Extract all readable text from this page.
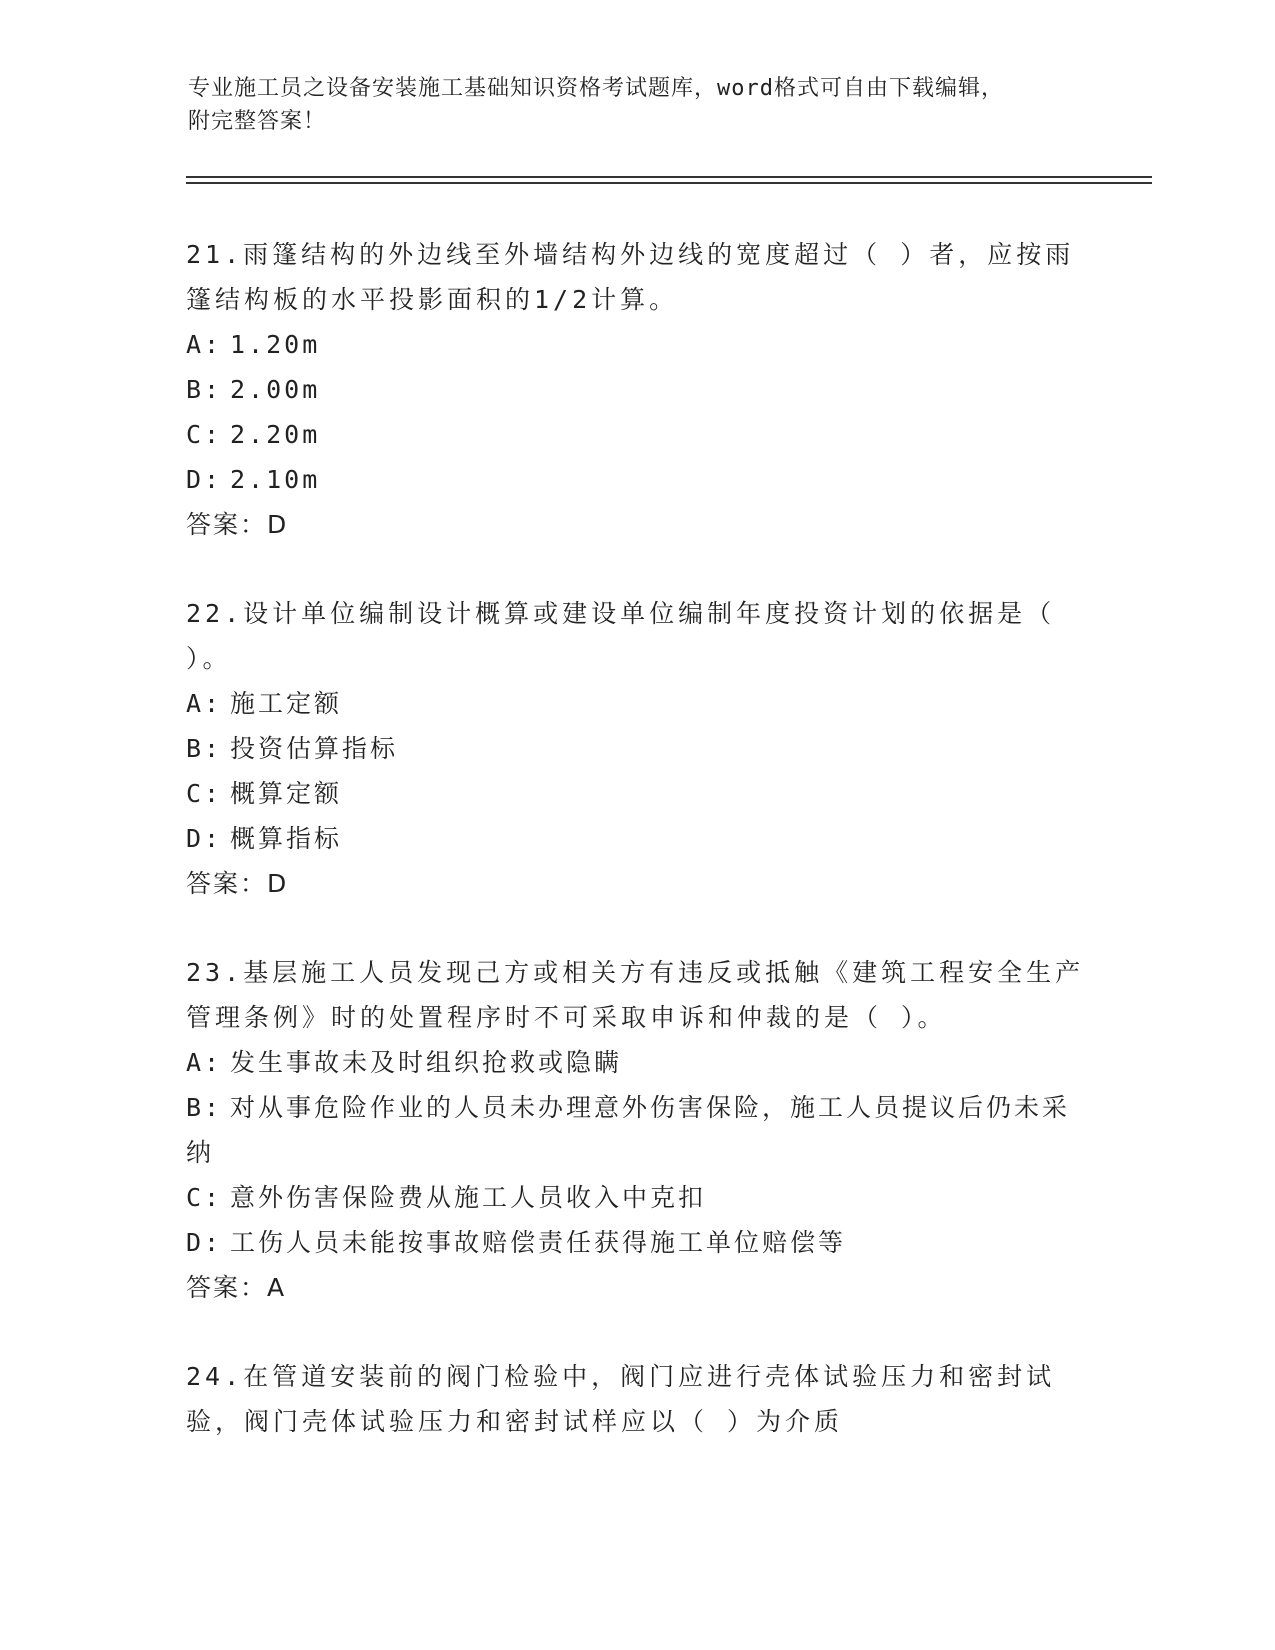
专业施工员之设备安装施工基础知识资格考试题库，word格式可自由下载编辑，
附完整答案！

21.雨篷结构的外边线至外墙结构外边线的宽度超过（ ）者，应按雨篷结构板的水平投影面积的1/2计算。

A: 1.20m

B: 2.00m

C: 2.20m

D: 2.10m

答案：D

22.设计单位编制设计概算或建设单位编制年度投资计划的依据是（ ）。

A: 施工定额

B: 投资估算指标

C: 概算定额

D: 概算指标

答案：D

23.基层施工人员发现己方或相关方有违反或抵触《建筑工程安全生产管理条例》时的处置程序时不可采取申诉和仲裁的是（ ）。

A: 发生事故未及时组织抢救或隐瞒

B: 对从事危险作业的人员未办理意外伤害保险，施工人员提议后仍未采纳

C: 意外伤害保险费从施工人员收入中克扣

D: 工伤人员未能按事故赔偿责任获得施工单位赔偿等

答案：A

24.在管道安装前的阀门检验中，阀门应进行壳体试验压力和密封试验，阀门壳体试验压力和密封试样应以（ ）为介质
